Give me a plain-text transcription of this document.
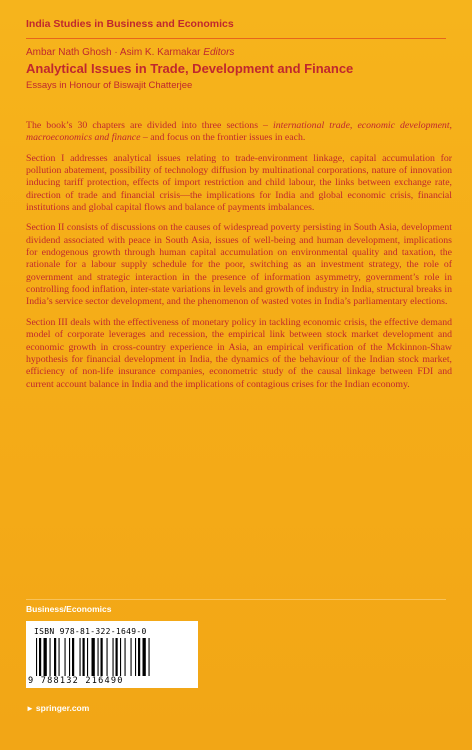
India Studies in Business and Economics
Ambar Nath Ghosh · Asim K. Karmakar Editors
Analytical Issues in Trade, Development and Finance
Essays in Honour of Biswajit Chatterjee

The book’s 30 chapters are divided into three sections – international trade, economic development, macroeconomics and finance – and focus on the frontier issues in each.

Section I addresses analytical issues relating to trade-environment linkage, capital accumulation for pollution abatement, possibility of technology diffusion by multinational corporations, nature of innovation inducing tariff protection, effects of import restriction and child labour, the links between exchange rate, direction of trade and financial crisis—the implications for India and global economic crisis, financial institutions and global capital flows and balance of payments imbalances.

Section II consists of discussions on the causes of widespread poverty persisting in South Asia, development dividend associated with peace in South Asia, issues of well-being and human development, implications for endogenous growth through human capital accumulation on environmental quality and taxation, the rationale for a labour supply schedule for the poor, switching as an investment strategy, the role of government and strategic interaction in the presence of information asymmetry, government’s role in controlling food inflation, inter-state variations in levels and growth of industry in India, structural breaks in India’s service sector development, and the phenomenon of wasted votes in India’s parliamentary elections.

Section III deals with the effectiveness of monetary policy in tackling economic crisis, the effective demand model of corporate leverages and recession, the empirical link between stock market development and economic growth in cross-country experience in Asia, an empirical verification of the Mckinnon-Shaw hypothesis for financial development in India, the dynamics of the behaviour of the Indian stock market, efficiency of non-life insurance companies, econometric study of the causal linkage between FDI and current account balance in India and the implications of contagious crises for the Indian economy.

Business/Economics
ISBN 978-81-322-1649-0
9 788132 216490
► springer.com
